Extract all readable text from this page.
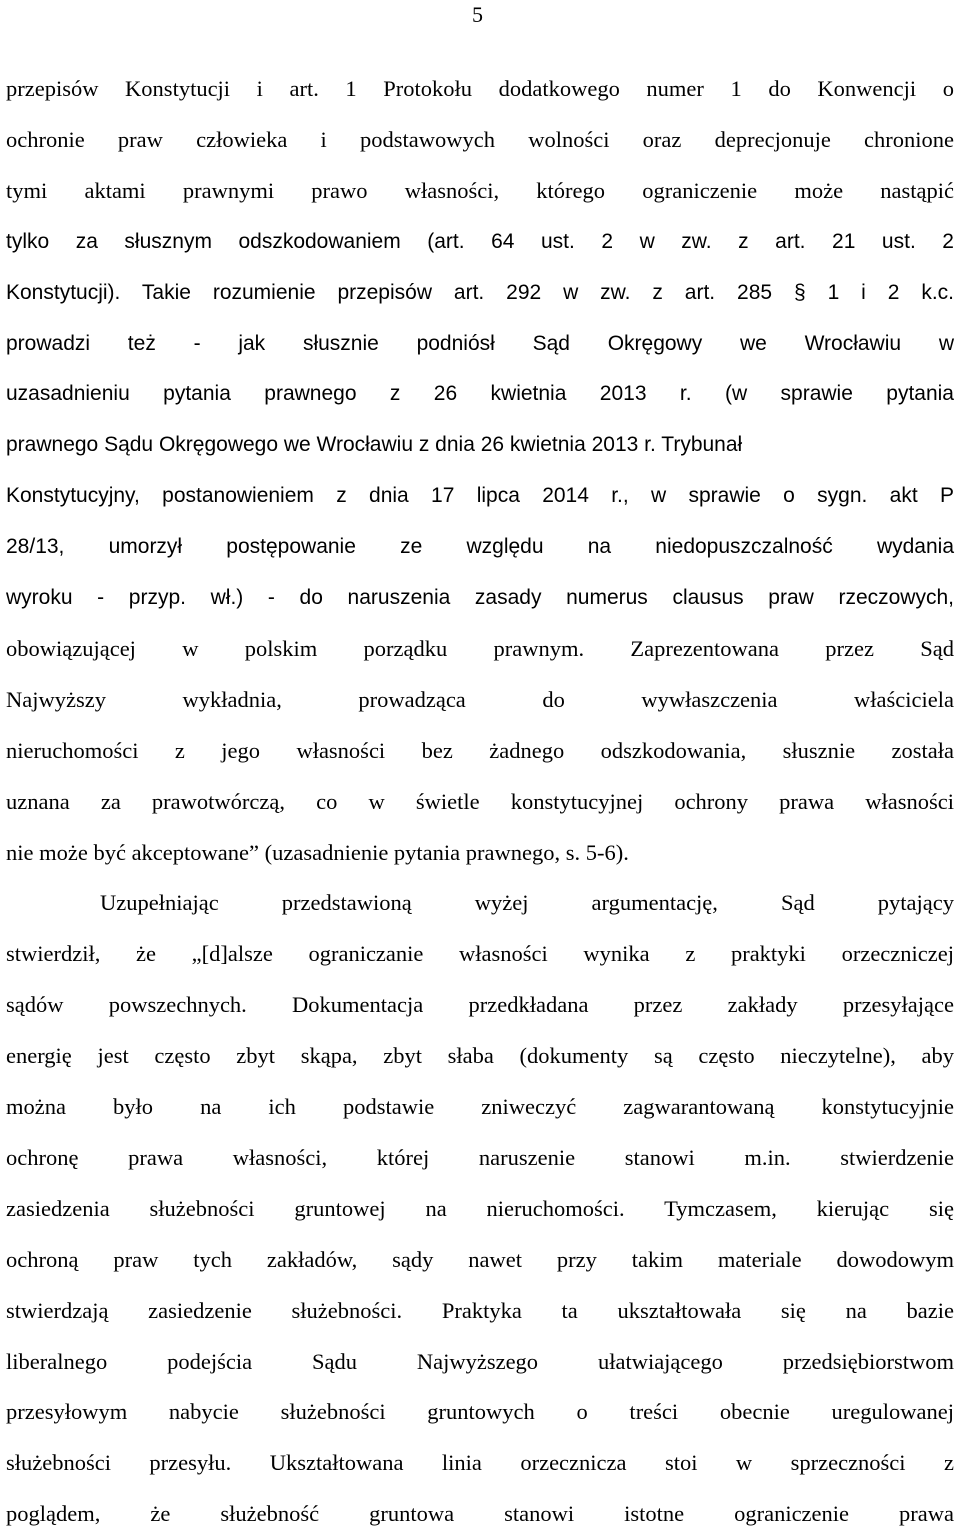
5
przepisów Konstytucji i art. 1 Protokołu dodatkowego numer 1 do Konwencji o
ochronie praw człowieka i podstawowych wolności oraz deprecjonuje chronione
tymi aktami prawnymi prawo własności, którego ograniczenie może nastąpić
tylko za słusznym odszkodowaniem (art. 64 ust. 2 w zw. z art. 21 ust. 2
Konstytucji). Takie rozumienie przepisów art. 292 w zw. z art. 285 § 1 i 2 k.c.
prowadzi też - jak słusznie podniósł Sąd Okręgowy we Wrocławiu w
uzasadnieniu pytania prawnego z 26 kwietnia 2013 r. (w sprawie pytania
prawnego Sądu Okręgowego we Wrocławiu z dnia 26 kwietnia 2013 r. Trybunał
Konstytucyjny, postanowieniem z dnia 17 lipca 2014 r., w sprawie o sygn. akt P
28/13, umorzył postępowanie ze względu na niedopuszczalność wydania
wyroku - przyp. wł.) - do naruszenia zasady numerus clausus praw rzeczowych,
obowiązującej w polskim porządku prawnym. Zaprezentowana przez Sąd
Najwyższy wykładnia, prowadząca do wywłaszczenia właściciela
nieruchomości z jego własności bez żadnego odszkodowania, słusznie została
uznana za prawotwórczą, co w świetle konstytucyjnej ochrony prawa własności
nie może być akceptowane” (uzasadnienie pytania prawnego, s. 5-6).
Uzupełniając przedstawioną wyżej argumentację, Sąd pytający
stwierdził, że „[d]alsze ograniczanie własności wynika z praktyki orzeczniczej
sądów powszechnych. Dokumentacja przedkładana przez zakłady przesyłające
energię jest często zbyt skąpa, zbyt słaba (dokumenty są często nieczytelne), aby
można było na ich podstawie zniweczyć zagwarantowaną konstytucyjnie
ochronę prawa własności, której naruszenie stanowi m.in. stwierdzenie
zasiedzenia służebności gruntowej na nieruchomości. Tymczasem, kierując się
ochroną praw tych zakładów, sądy nawet przy takim materiale dowodowym
stwierdzają zasiedzenie służebności. Praktyka ta ukształtowała się na bazie
liberalnego podejścia Sądu Najwyższego ułatwiającego przedsiębiorstwom
przesyłowym nabycie służebności gruntowych o treści obecnie uregulowanej
służebności przesyłu. Ukształtowana linia orzecznicza stoi w sprzeczności z
poglądem, że służebność gruntowa stanowi istotne ograniczenie prawa
